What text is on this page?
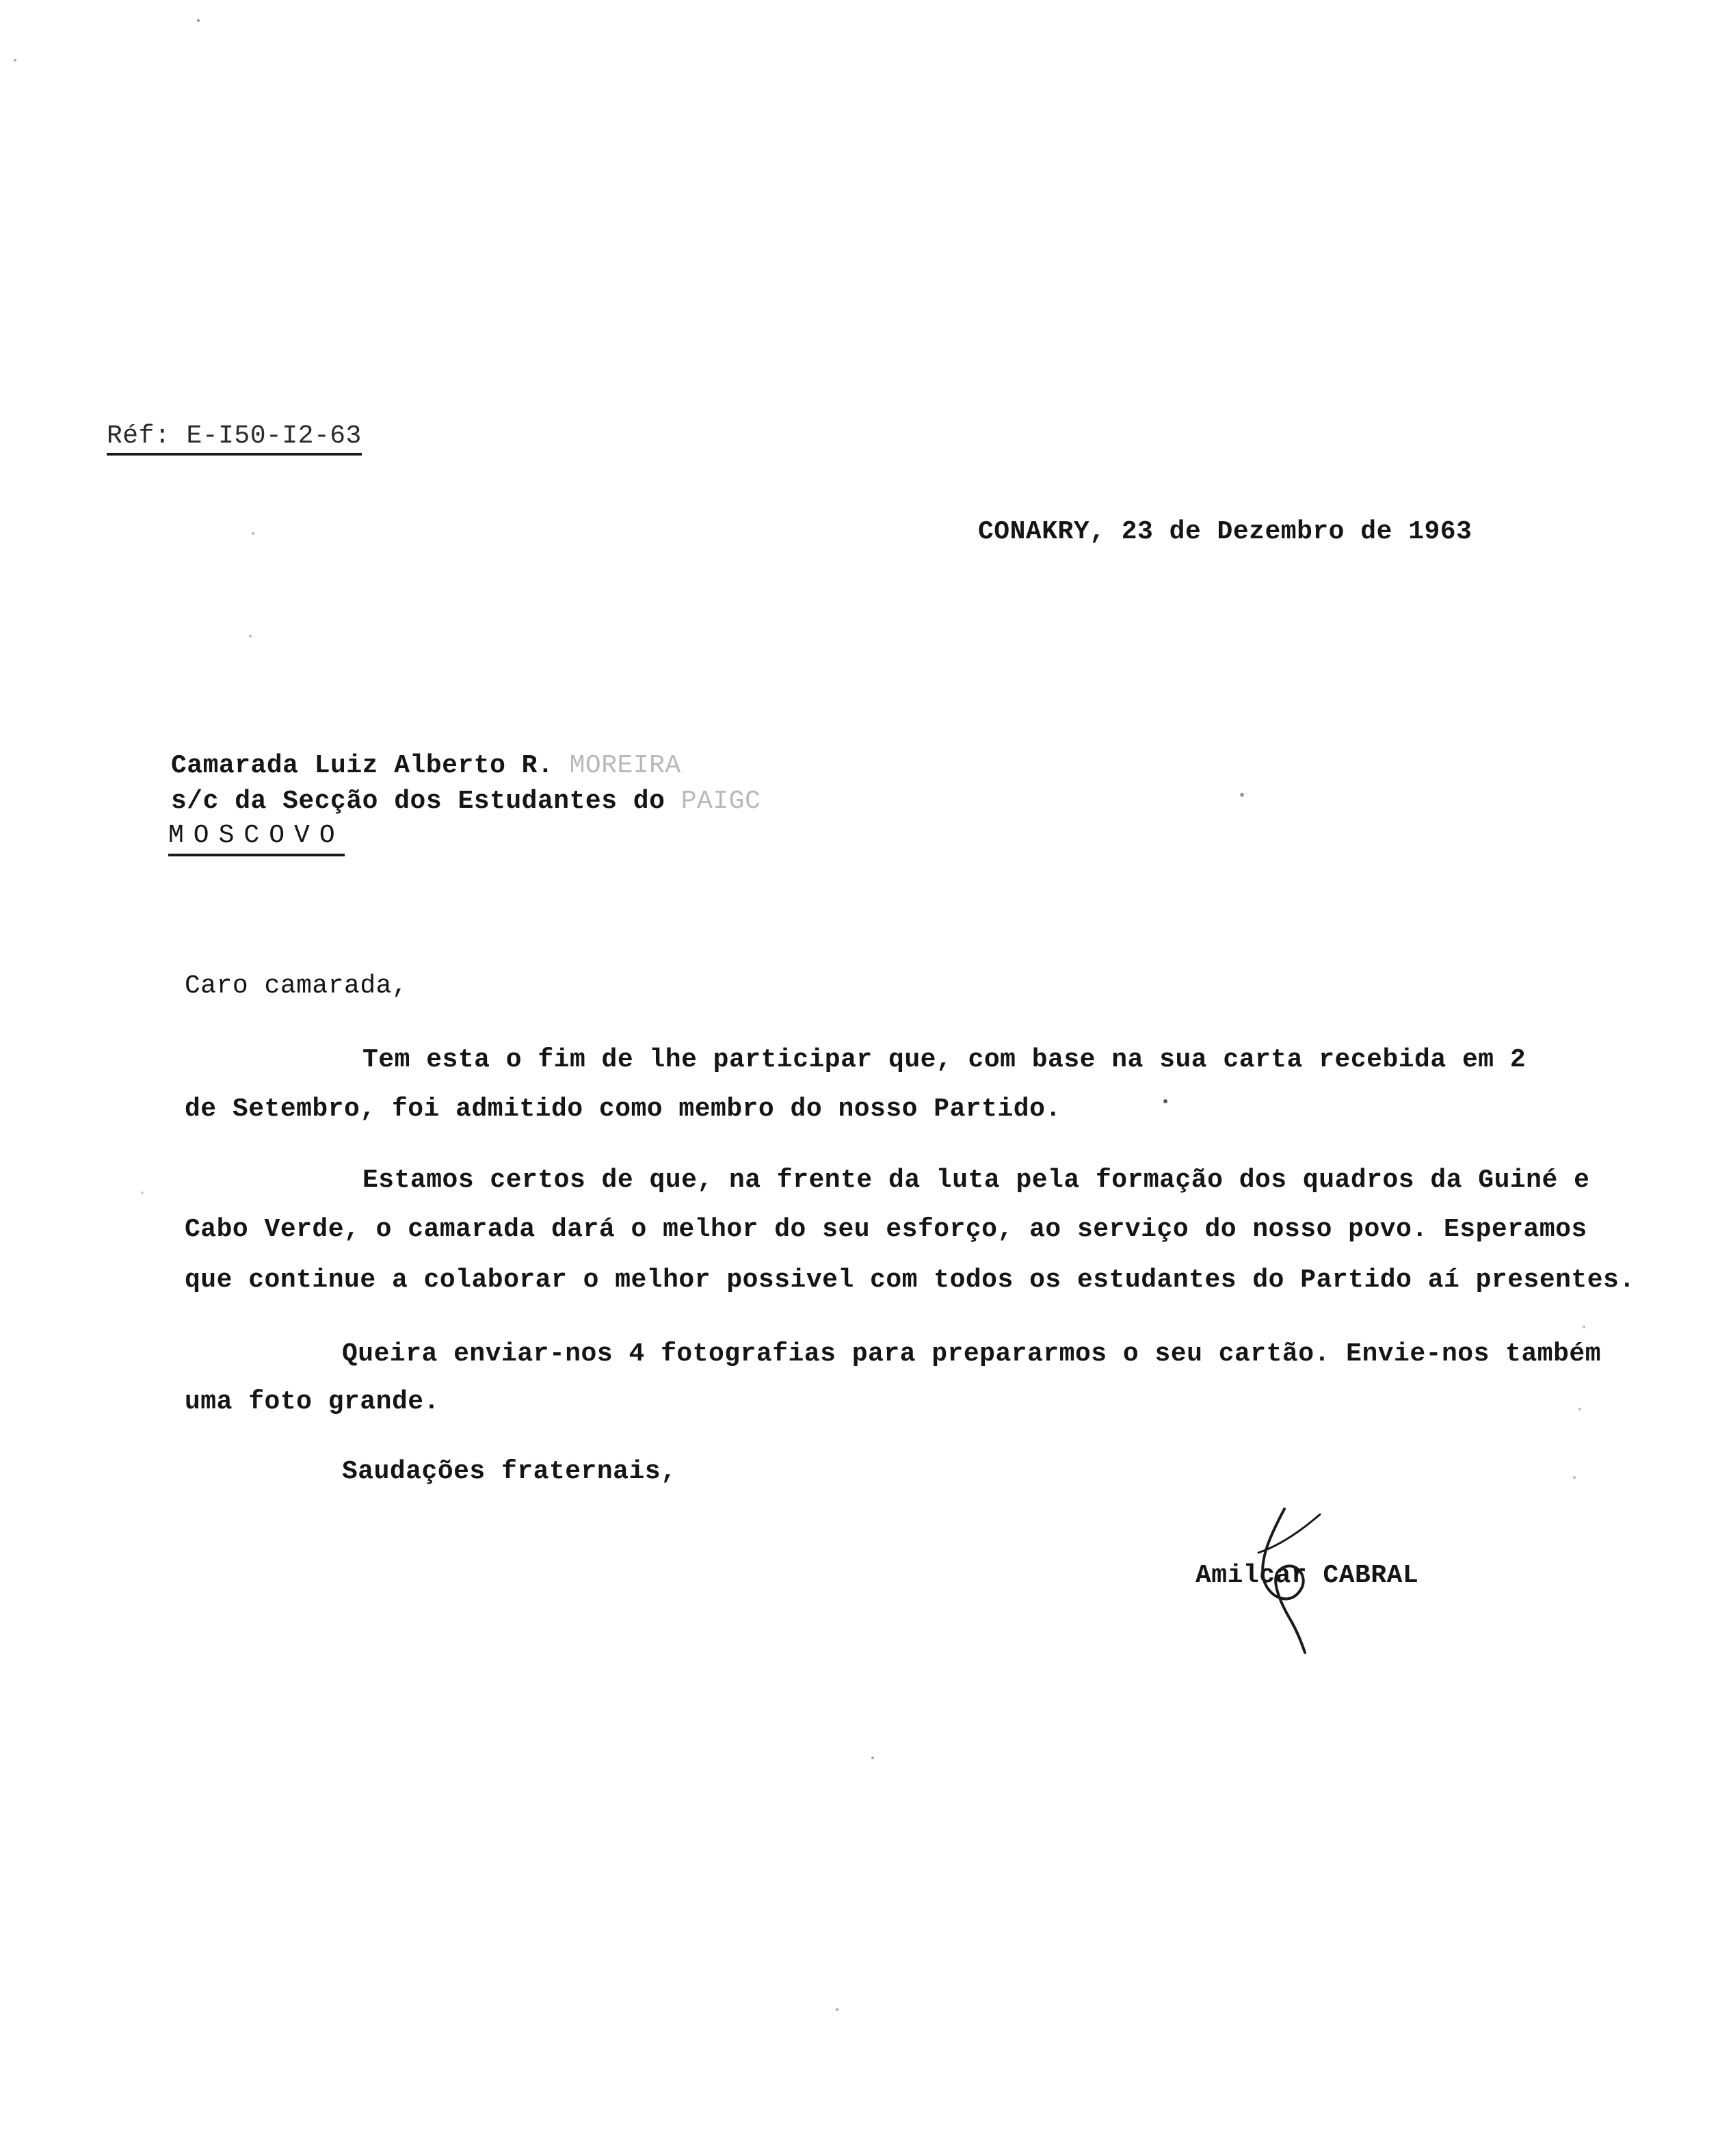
Réf: E-I50-I2-63
CONAKRY, 23 de Dezembro de 1963
Camarada Luiz Alberto R. MOREIRA
s/c da Secção dos Estudantes do PAIGC
MOSCOVO
Caro camarada,
Tem esta o fim de lhe participar que, com base na sua carta recebida em 2
de Setembro, foi admitido como membro do nosso Partido.
Estamos certos de que, na frente da luta pela formação dos quadros da Guiné e
Cabo Verde, o camarada dará o melhor do seu esforço, ao serviço do nosso povo. Esperamos
que continue a colaborar o melhor possivel com todos os estudantes do Partido aí presentes.
Queira enviar-nos 4 fotografias para prepararmos o seu cartão. Envie-nos também
uma foto grande.
Saudações fraternais,
Amilcar CABRAL
